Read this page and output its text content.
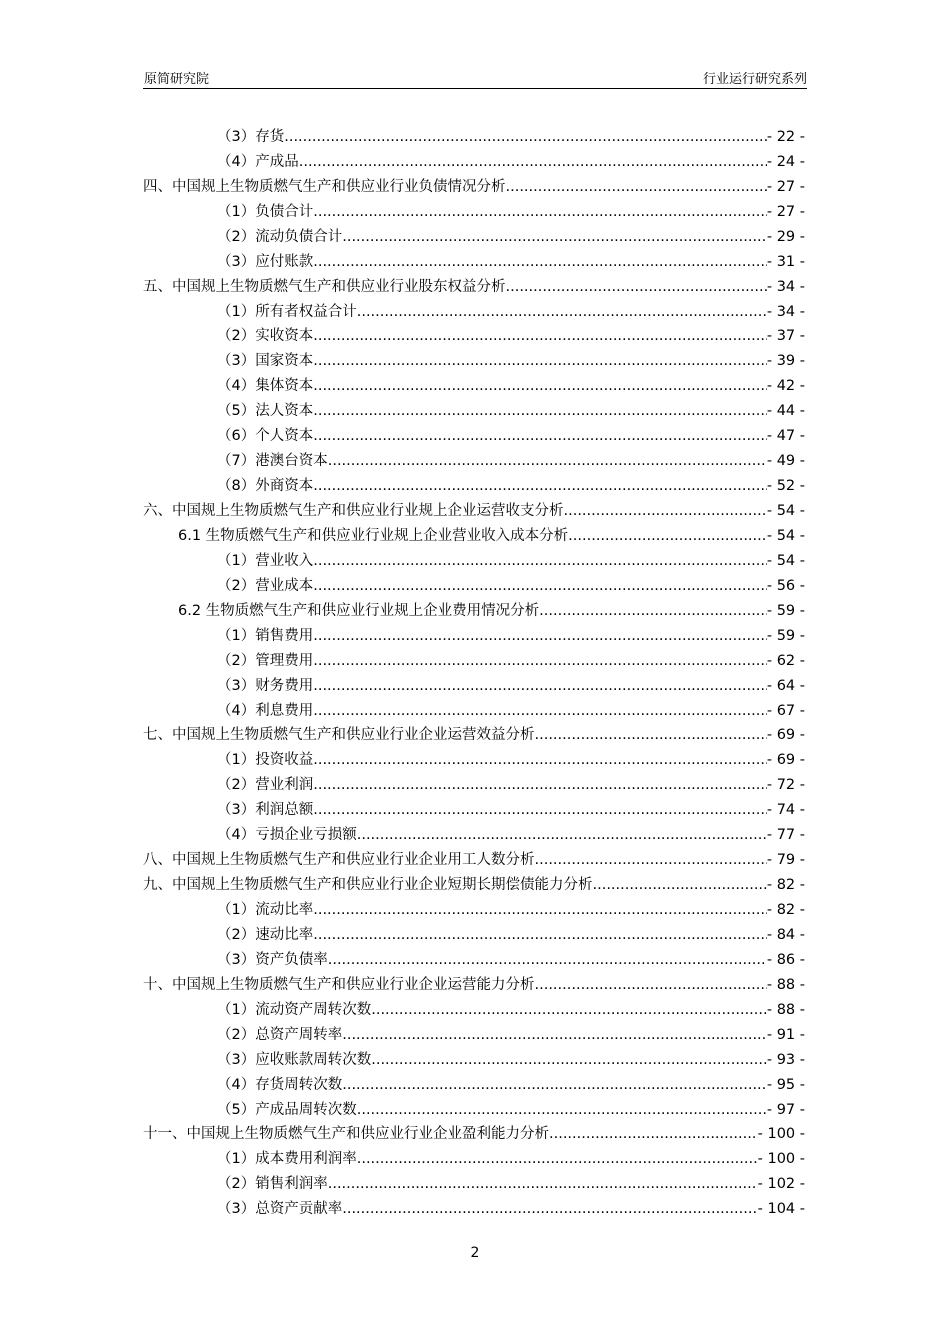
原简研究院	行业运行研究系列
（3）存货 .....	- 22 -
（4）产成品 .....	- 24 -
四、中国规上生物质燃气生产和供应业行业负债情况分析 .....	- 27 -
（1）负债合计 .....	- 27 -
（2）流动负债合计 .....	- 29 -
（3）应付账款 .....	- 31 -
五、中国规上生物质燃气生产和供应业行业股东权益分析 .....	- 34 -
（1）所有者权益合计 .....	- 34 -
（2）实收资本 .....	- 37 -
（3）国家资本 .....	- 39 -
（4）集体资本 .....	- 42 -
（5）法人资本 .....	- 44 -
（6）个人资本 .....	- 47 -
（7）港澳台资本 .....	- 49 -
（8）外商资本 .....	- 52 -
六、中国规上生物质燃气生产和供应业行业规上企业运营收支分析 .....	- 54 -
6.1 生物质燃气生产和供应业行业规上企业营业收入成本分析 .....	- 54 -
（1）营业收入 .....	- 54 -
（2）营业成本 .....	- 56 -
6.2 生物质燃气生产和供应业行业规上企业费用情况分析 .....	- 59 -
（1）销售费用 .....	- 59 -
（2）管理费用 .....	- 62 -
（3）财务费用 .....	- 64 -
（4）利息费用 .....	- 67 -
七、中国规上生物质燃气生产和供应业行业企业运营效益分析 .....	- 69 -
（1）投资收益 .....	- 69 -
（2）营业利润 .....	- 72 -
（3）利润总额 .....	- 74 -
（4）亏损企业亏损额 .....	- 77 -
八、中国规上生物质燃气生产和供应业行业企业用工人数分析 .....	- 79 -
九、中国规上生物质燃气生产和供应业行业企业短期长期偿债能力分析 .....	- 82 -
（1）流动比率 .....	- 82 -
（2）速动比率 .....	- 84 -
（3）资产负债率 .....	- 86 -
十、中国规上生物质燃气生产和供应业行业企业运营能力分析 .....	- 88 -
（1）流动资产周转次数 .....	- 88 -
（2）总资产周转率 .....	- 91 -
（3）应收账款周转次数 .....	- 93 -
（4）存货周转次数 .....	- 95 -
（5）产成品周转次数 .....	- 97 -
十一、中国规上生物质燃气生产和供应业行业企业盈利能力分析 .....	- 100 -
（1）成本费用利润率 .....	- 100 -
（2）销售利润率 .....	- 102 -
（3）总资产贡献率 .....	- 104 -
2
